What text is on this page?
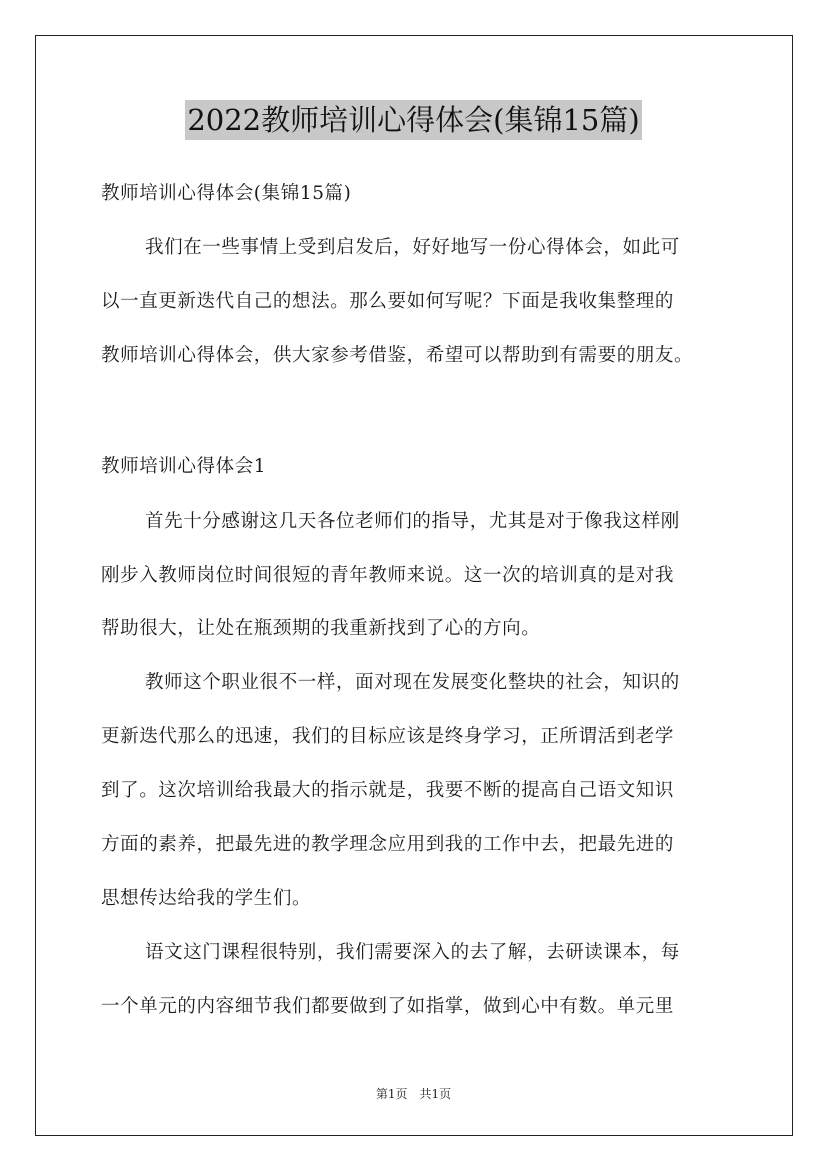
2022教师培训心得体会(集锦15篇)
教师培训心得体会(集锦15篇)
我们在一些事情上受到启发后，好好地写一份心得体会，如此可
以一直更新迭代自己的想法。那么要如何写呢？下面是我收集整理的
教师培训心得体会，供大家参考借鉴，希望可以帮助到有需要的朋友。
教师培训心得体会1
首先十分感谢这几天各位老师们的指导，尤其是对于像我这样刚
刚步入教师岗位时间很短的青年教师来说。这一次的培训真的是对我
帮助很大，让处在瓶颈期的我重新找到了心的方向。
教师这个职业很不一样，面对现在发展变化整块的社会，知识的
更新迭代那么的迅速，我们的目标应该是终身学习，正所谓活到老学
到了。这次培训给我最大的指示就是，我要不断的提高自己语文知识
方面的素养，把最先进的教学理念应用到我的工作中去，把最先进的
思想传达给我的学生们。
语文这门课程很特别，我们需要深入的去了解，去研读课本，每
一个单元的内容细节我们都要做到了如指掌，做到心中有数。单元里
第1页 共1页
